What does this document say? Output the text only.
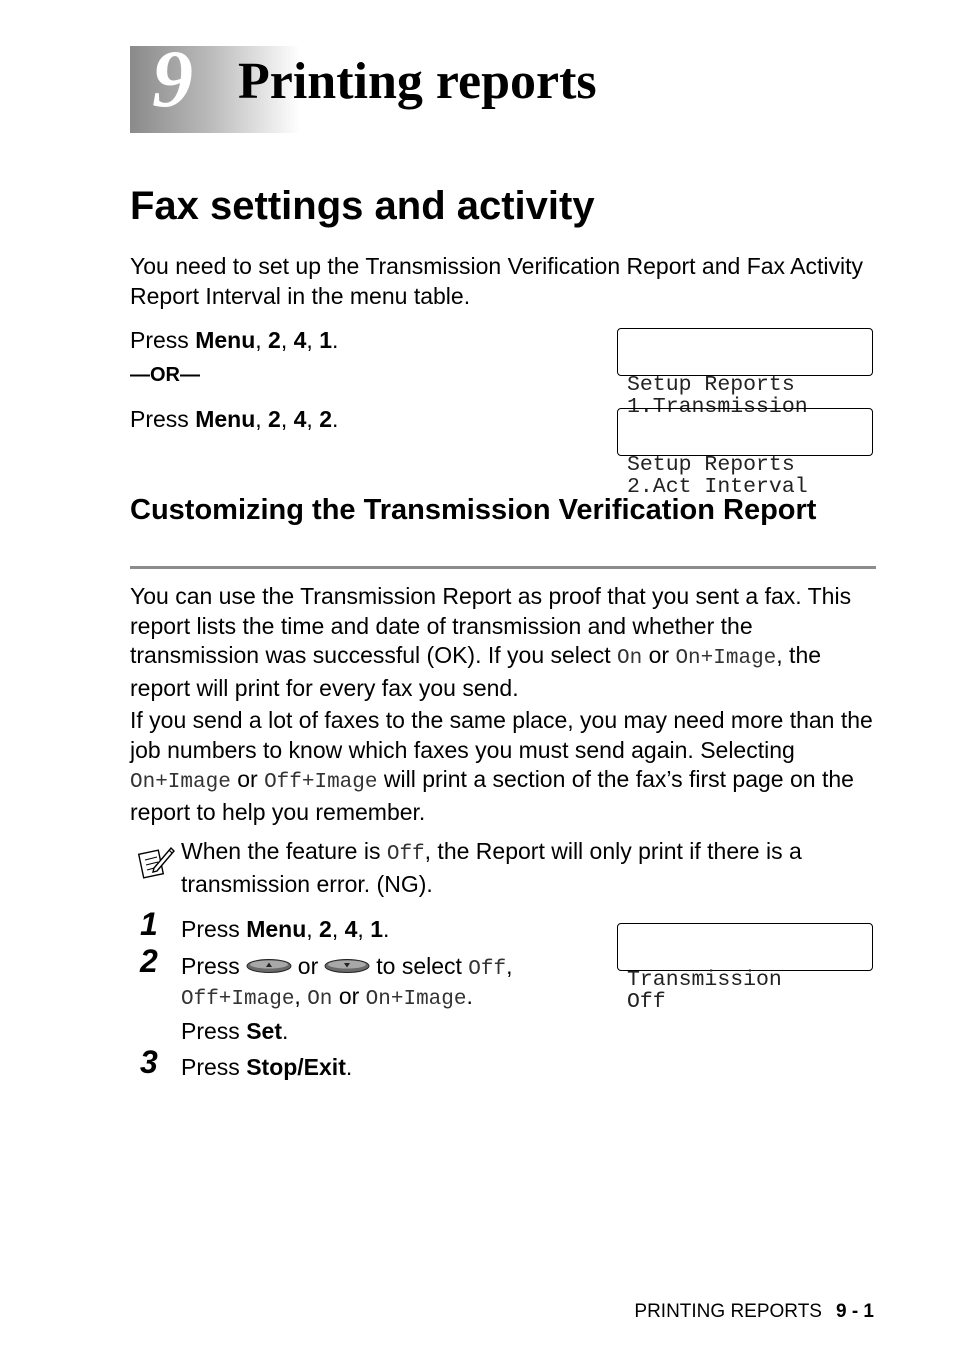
9 Printing reports
Fax settings and activity
You need to set up the Transmission Verification Report and Fax Activity Report Interval in the menu table.
Press Menu, 2, 4, 1.
—OR—
Press Menu, 2, 4, 2.

Setup Reports
1.Transmission

Setup Reports
2.Act Interval

Customizing the Transmission Verification Report
You can use the Transmission Report as proof that you sent a fax. This report lists the time and date of transmission and whether the transmission was successful (OK). If you select On or On+Image, the report will print for every fax you send.
If you send a lot of faxes to the same place, you may need more than the job numbers to know which faxes you must send again. Selecting On+Image or Off+Image will print a section of the fax’s first page on the report to help you remember.
When the feature is Off, the Report will only print if there is a transmission error. (NG).
1 Press Menu, 2, 4, 1.
2 Press	or	to select Off,
Off+Image, On or On+Image.
Press Set.
3 Press Stop/Exit.

Transmission
Off

PRINTING REPORTS 9 - 1
